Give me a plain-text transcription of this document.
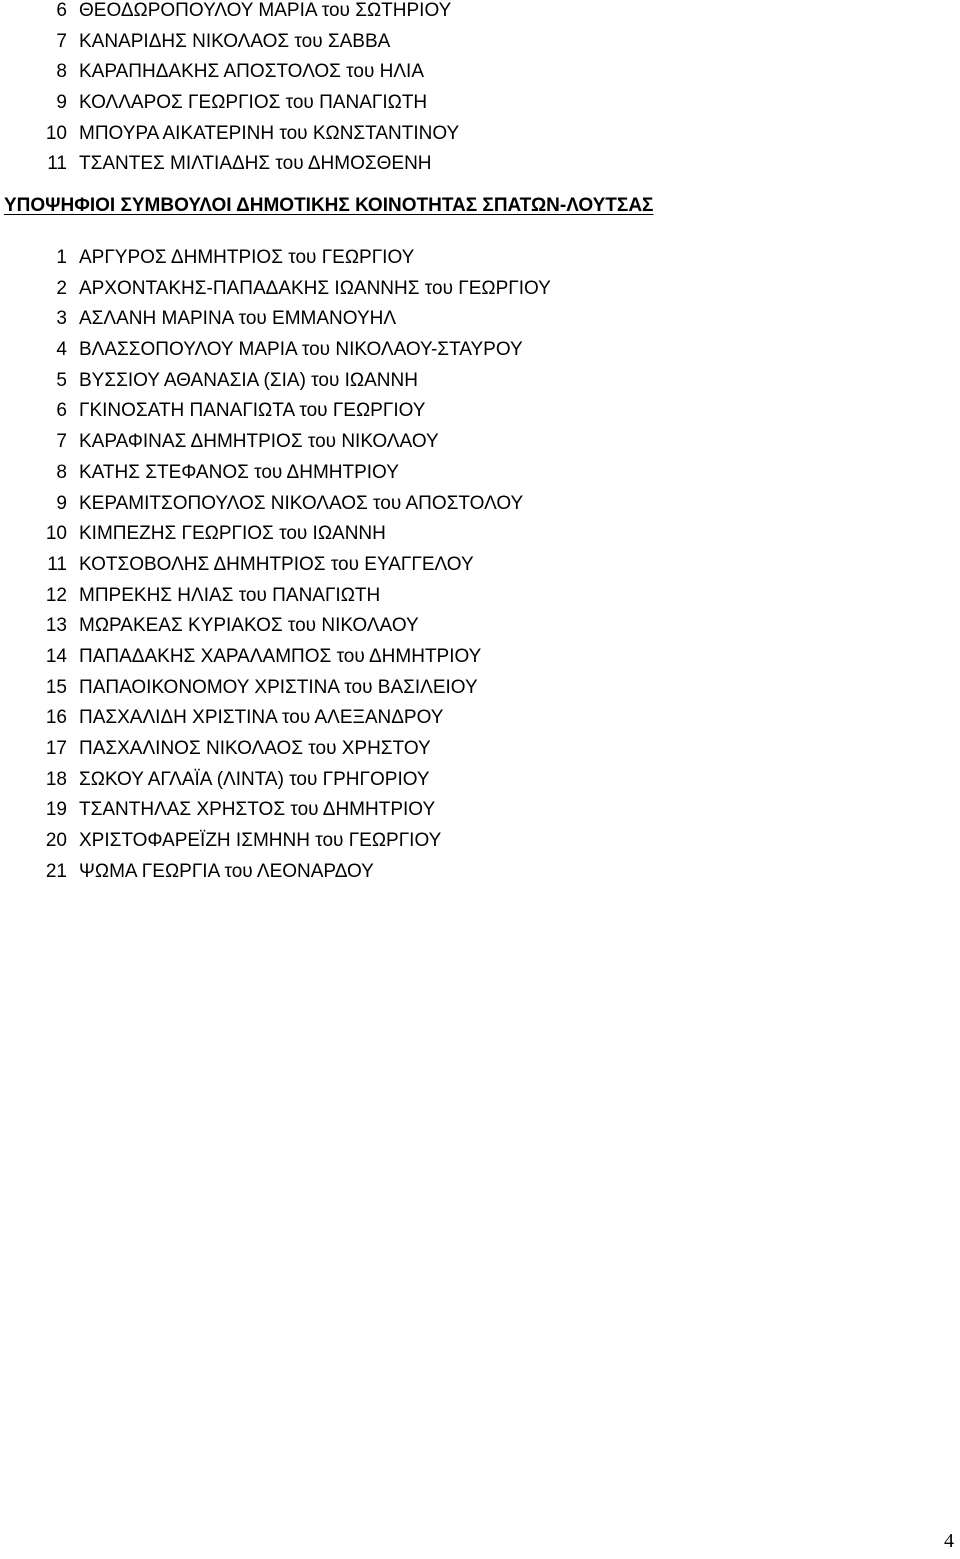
6 ΘΕΟΔΩΡΟΠΟΥΛΟΥ ΜΑΡΙΑ του ΣΩΤΗΡΙΟΥ
7 ΚΑΝΑΡΙΔΗΣ ΝΙΚΟΛΑΟΣ του ΣΑΒΒΑ
8 ΚΑΡΑΠΗΔΑΚΗΣ ΑΠΟΣΤΟΛΟΣ του ΗΛΙΑ
9 ΚΟΛΛΑΡΟΣ ΓΕΩΡΓΙΟΣ του ΠΑΝΑΓΙΩΤΗ
10 ΜΠΟΥΡΑ ΑΙΚΑΤΕΡΙΝΗ του ΚΩΝΣΤΑΝΤΙΝΟΥ
11 ΤΣΑΝΤΕΣ ΜΙΛΤΙΑΔΗΣ του ΔΗΜΟΣΘΕΝΗ
ΥΠΟΨΗΦΙΟΙ ΣΥΜΒΟΥΛΟΙ ΔΗΜΟΤΙΚΗΣ ΚΟΙΝΟΤΗΤΑΣ ΣΠΑΤΩΝ-ΛΟΥΤΣΑΣ
1 ΑΡΓΥΡΟΣ ΔΗΜΗΤΡΙΟΣ του ΓΕΩΡΓΙΟΥ
2 ΑΡΧΟΝΤΑΚΗΣ-ΠΑΠΑΔΑΚΗΣ ΙΩΑΝΝΗΣ του ΓΕΩΡΓΙΟΥ
3 ΑΣΛΑΝΗ ΜΑΡΙΝΑ του ΕΜΜΑΝΟΥΗΛ
4 ΒΛΑΣΣΟΠΟΥΛΟΥ ΜΑΡΙΑ του ΝΙΚΟΛΑΟΥ-ΣΤΑΥΡΟΥ
5 ΒΥΣΣΙΟΥ ΑΘΑΝΑΣΙΑ (ΣΙΑ) του ΙΩΑΝΝΗ
6 ΓΚΙΝΟΣΑΤΗ ΠΑΝΑΓΙΩΤΑ του ΓΕΩΡΓΙΟΥ
7 ΚΑΡΑΦΙΝΑΣ ΔΗΜΗΤΡΙΟΣ του ΝΙΚΟΛΑΟΥ
8 ΚΑΤΗΣ ΣΤΕΦΑΝΟΣ του ΔΗΜΗΤΡΙΟΥ
9 ΚΕΡΑΜΙΤΣΟΠΟΥΛΟΣ ΝΙΚΟΛΑΟΣ του ΑΠΟΣΤΟΛΟΥ
10 ΚΙΜΠΕΖΗΣ ΓΕΩΡΓΙΟΣ του ΙΩΑΝΝΗ
11 ΚΟΤΣΟΒΟΛΗΣ ΔΗΜΗΤΡΙΟΣ του ΕΥΑΓΓΕΛΟΥ
12 ΜΠΡΕΚΗΣ ΗΛΙΑΣ του ΠΑΝΑΓΙΩΤΗ
13 ΜΩΡΑΚΕΑΣ ΚΥΡΙΑΚΟΣ του ΝΙΚΟΛΑΟΥ
14 ΠΑΠΑΔΑΚΗΣ ΧΑΡΑΛΑΜΠΟΣ του ΔΗΜΗΤΡΙΟΥ
15 ΠΑΠΑΟΙΚΟΝΟΜΟΥ ΧΡΙΣΤΙΝΑ του ΒΑΣΙΛΕΙΟΥ
16 ΠΑΣΧΑΛΙΔΗ ΧΡΙΣΤΙΝΑ του ΑΛΕΞΑΝΔΡΟΥ
17 ΠΑΣΧΑΛΙΝΟΣ ΝΙΚΟΛΑΟΣ του ΧΡΗΣΤΟΥ
18 ΣΩΚΟΥ ΑΓΛΑΪΑ (ΛΙΝΤΑ) του ΓΡΗΓΟΡΙΟΥ
19 ΤΣΑΝΤΗΛΑΣ ΧΡΗΣΤΟΣ του ΔΗΜΗΤΡΙΟΥ
20 ΧΡΙΣΤΟΦΑΡΕΪΖΗ ΙΣΜΗΝΗ του ΓΕΩΡΓΙΟΥ
21 ΨΩΜΑ ΓΕΩΡΓΙΑ του ΛΕΟΝΑΡΔΟΥ
4
